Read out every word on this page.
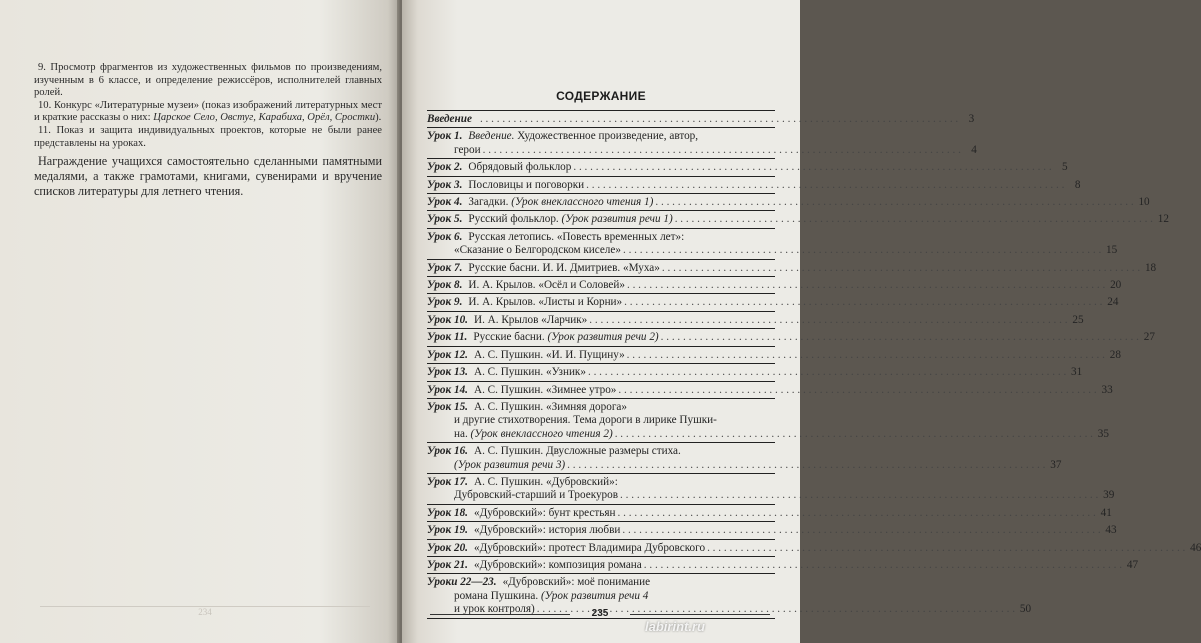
9. Просмотр фрагментов из художественных фильмов по произведениям, изученным в 6 классе, и определение режиссёров, исполнителей главных ролей.

10. Конкурс «Литературные музеи» (показ изображений литературных мест и краткие рассказы о них: Царское Село, Овстуг, Карабиха, Орёл, Сростки).

11. Показ и защита индивидуальных проектов, которые не были ранее представлены на уроках.

Награждение учащихся самостоятельно сделанными памятными медалями, а также грамотами, книгами, сувенирами и вручение списков литературы для летнего чтения.

234
СОДЕРЖАНИЕ
Введение . . .	3
Урок 1. Введение. Художественное произведение, автор,
герои . . .	4
Урок 2. Обрядовый фольклор . . .	5
Урок 3. Пословицы и поговорки . . .	8
Урок 4. Загадки. (Урок внеклассного чтения 1) . . .	10
Урок 5. Русский фольклор. (Урок развития речи 1) . . .	12
Урок 6. Русская летопись. «Повесть временных лет»:
«Сказание о Белгородском киселе» . . .	15
Урок 7. Русские басни. И. И. Дмитриев. «Муха» . . .	18
Урок 8. И. А. Крылов. «Осёл и Соловей» . . .	20
Урок 9. И. А. Крылов. «Листы и Корни» . . .	24
Урок 10. И. А. Крылов «Ларчик» . . .	25
Урок 11. Русские басни. (Урок развития речи 2) . . .	27
Урок 12. А. С. Пушкин. «И. И. Пущину» . . .	28
Урок 13. А. С. Пушкин. «Узник» . . .	31
Урок 14. А. С. Пушкин. «Зимнее утро» . . .	33
Урок 15. А. С. Пушкин. «Зимняя дорога»
и другие стихотворения. Тема дороги в лирике Пушки-
на. (Урок внеклассного чтения 2) . . .	35
Урок 16. А. С. Пушкин. Двусложные размеры стиха.
(Урок развития речи 3) . . .	37
Урок 17. А. С. Пушкин. «Дубровский»:
Дубровский-старший и Троекуров . . .	39
Урок 18. «Дубровский»: бунт крестьян . . .	41
Урок 19. «Дубровский»: история любви . . .	43
Урок 20. «Дубровский»: протест Владимира Дубровского . . .	46
Урок 21. «Дубровский»: композиция романа . . .	47
Уроки 22—23. «Дубровский»: моё понимание
романа Пушкина. (Урок развития речи 4
и урок контроля) . . .	50
235
labirint.ru
